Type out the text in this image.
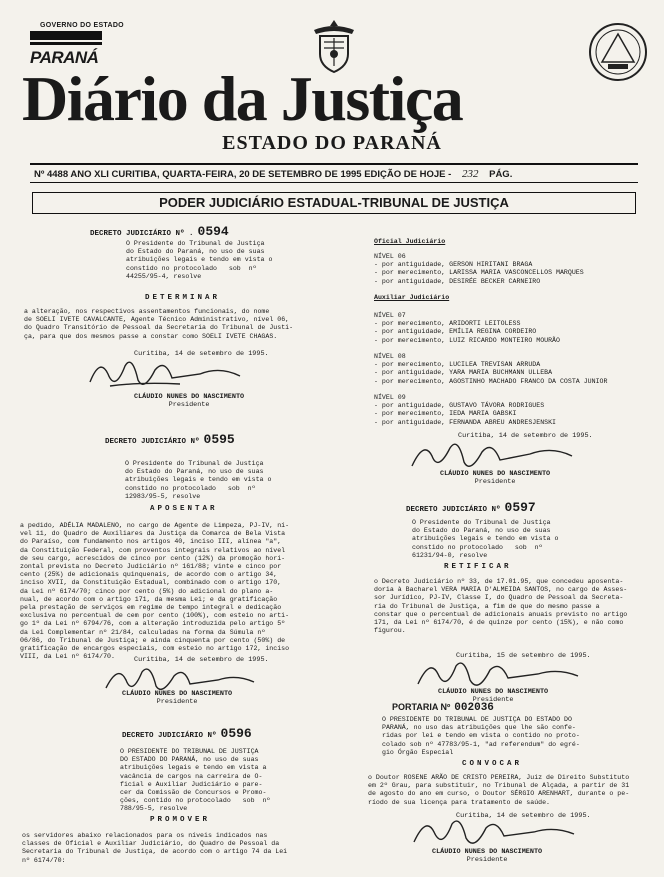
GOVERNO DO ESTADO
PARANÁ
Diário da Justiça
ESTADO DO PARANÁ
Nº 4488 ANO XLI CURITIBA, QUARTA-FEIRA, 20 DE SETEMBRO DE 1995 EDIÇÃO DE HOJE - 232 PÁG.
PODER JUDICIÁRIO ESTADUAL-TRIBUNAL DE JUSTIÇA
DECRETO JUDICIÁRIO Nº . 0594
O Presidente do Tribunal de Justiça
do Estado do Paraná, no uso de suas
atribuições legais e tendo em vista o
constido no protocolado   sob  nº
44255/95-4, resolve
DETERMINAR
a alteração, nos respectivos assentamentos funcionais, do nome
de SOELI IVETE CAVALCANTE, Agente Técnico Administrativo, nível 06,
do Quadro Transitório de Pessoal da Secretaria do Tribunal de Justi-
ça, para que dos mesmos passe a constar como SOELI IVETE CHAGAS.
Curitiba, 14 de setembro de 1995.
CLÁUDIO NUNES DO NASCIMENTO
Presidente
DECRETO JUDICIÁRIO Nº 0595
O Presidente do Tribunal de Justiça
do Estado do Paraná, no uso de suas
atribuições legais e tendo em vista o
constido no protocolado   sob  nº
12983/95-5, resolve
APOSENTAR
a pedido, ADÉLIA MADALENO, no cargo de Agente de Limpeza, PJ-IV, ní-
vel 11, do Quadro de Auxiliares da Justiça da Comarca de Bela Vista
do Paraíso, com fundamento nos artigos 40, inciso III, alínea "a",
da Constituição Federal, com proventos integrais relativos ao nível
de seu cargo, acrescidos de cinco por cento (12%) da promoção hori-
zontal prevista no Decreto Judiciário nº 161/88; vinte e cinco por
cento (25%) de adicionais quinquenais, de acordo com o artigo 34,
inciso XVII, da Constituição Estadual, combinado com o artigo 170,
da Lei nº 6174/70; cinco por cento (5%) do adicional do plano a-
nual, de acordo com o artigo 171, da mesma Lei; e da gratificação
pela prestação de serviços em regime de tempo integral e dedicação
exclusiva no percentual de cem por cento (100%), com esteio no arti-
go 1º da Lei nº 6794/76, com a alteração introduzida pelo artigo 5º
da Lei Complementar nº 21/84, calculadas na forma da Súmula nº
06/86, do Tribunal de Justiça; e ainda cinquenta por cento (50%) de
gratificação de encargos especiais, com esteio no artigo 172, inciso
VIII, da Lei nº 6174/70.	Curitiba, 14 de setembro de 1995.
CLÁUDIO NUNES DO NASCIMENTO
Presidente
DECRETO JUDICIÁRIO Nº 0596
O PRESIDENTE DO TRIBUNAL DE JUSTIÇA
DO ESTADO DO PARANÁ, no uso de suas
atribuições legais e tendo em vista a
vacância de cargos na carreira de O-
ficial e Auxiliar Judiciário e pare-
cer da Comissão de Concursos e Promo-
ções, contido no protocolado   sob  nº
788/95-5, resolve
PROMOVER
os servidores abaixo relacionados para os níveis indicados nas
classes de Oficial e Auxiliar Judiciário, do Quadro de Pessoal da
Secretaria do Tribunal de Justiça, de acordo com o artigo 74 da Lei
nº 6174/70:
Oficial Judiciário
NÍVEL 06
- por antiguidade, GERSON HIRITANI BRAGA
- por merecimento, LARISSA MARIA VASCONCELLOS MARQUES
- por antiguidade, DESIRÉE BECKER CARNEIRO
Auxiliar Judiciário
NÍVEL 07
- por merecimento, ARIDORTI LEITOLESS
- por antiguidade, EMÍLIA REGINA CORDEIRO
- por merecimento, LUIZ RICARDO MONTEIRO MOURÃO

NÍVEL 08
- por merecimento, LUCILEA TREVISAN ARRUDA
- por antiguidade, YARA MARIA BUCHMANN ULLEBA
- por merecimento, AGOSTINHO MACHADO FRANCO DA COSTA JUNIOR

NÍVEL 09
- por antiguidade, GUSTAVO TÁVORA RODRIGUES
- por merecimento, IEDA MARIA GABSKI
- por antiguidade, FERNANDA ABREU ANDRESJENSKI
Curitiba, 14 de setembro de 1995.
CLÁUDIO NUNES DO NASCIMENTO
Presidente
DECRETO JUDICIÁRIO Nº 0597
O Presidente do Tribunal de Justiça
do Estado do Paraná, no uso de suas
atribuições legais e tendo em vista o
constido no protocolado   sob  nº
61231/94-0, resolve
RETIFICAR
o Decreto Judiciário nº 33, de 17.01.95, que concedeu aposenta-
doria à Bacharel VERA MARIA D'ALMEIDA SANTOS, no cargo de Asses-
sor Jurídico, PJ-IV, Classe I, do Quadro de Pessoal da Secreta-
ria do Tribunal de Justiça, a fim de que do mesmo passe a
constar que o percentual de adicionais anuais previsto no artigo
171, da Lei nº 6174/70, é de quinze por cento (15%), e não como
figurou.
Curitiba, 15 de setembro de 1995.
CLÁUDIO NUNES DO NASCIMENTO
Presidente
PORTARIA Nº 002036
O PRESIDENTE DO TRIBUNAL DE JUSTIÇA DO ESTADO DO
PARANÁ, no uso das atribuições que lhe são confe-
ridas por lei e tendo em vista o contido no proto-
colado sob nº 47783/95-1, "ad referendum" do egré-
gio Órgão Especial
CONVOCAR
o Doutor ROSENE ARÃO DE CRISTO PEREIRA, Juiz de Direito Substituto
em 2º Grau, para substituir, no Tribunal de Alçada, a partir de 31
de agosto do ano em curso, o Doutor SÉRGIO ARENHART, durante o pe-
ríodo de sua licença para tratamento de saúde.
Curitiba, 14 de setembro de 1995.
CLÁUDIO NUNES DO NASCIMENTO
Presidente
